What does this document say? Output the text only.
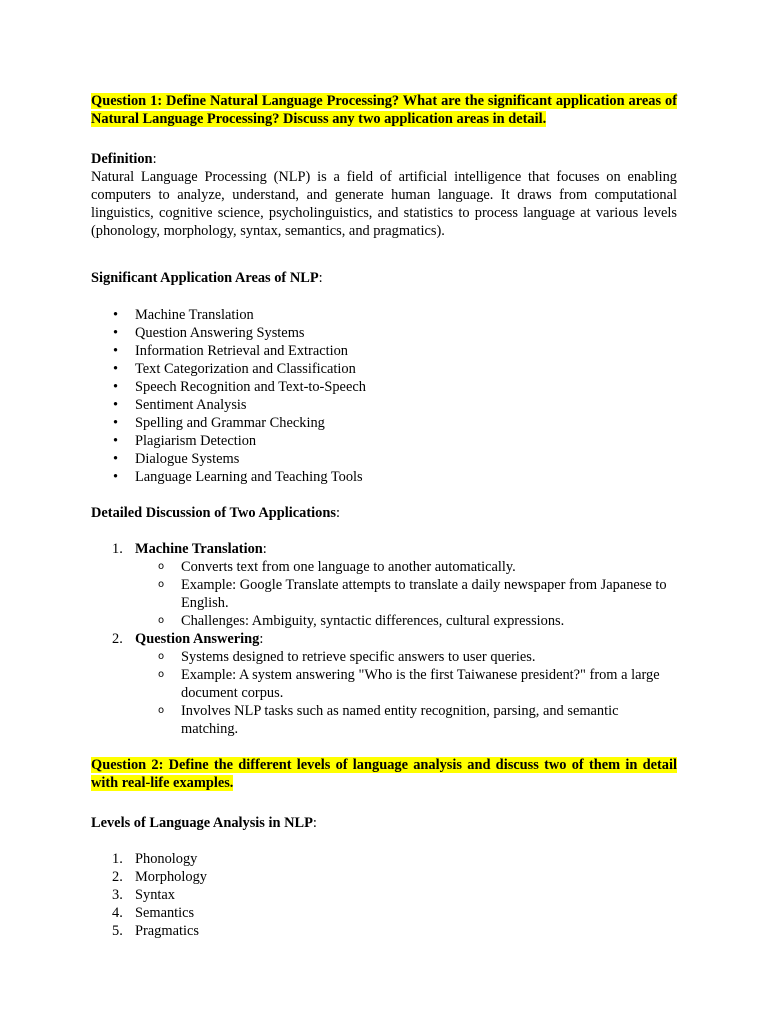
Question 1: Define Natural Language Processing? What are the significant application areas of Natural Language Processing? Discuss any two application areas in detail.

Definition:

Natural Language Processing (NLP) is a field of artificial intelligence that focuses on enabling computers to analyze, understand, and generate human language. It draws from computational linguistics, cognitive science, psycholinguistics, and statistics to process language at various levels (phonology, morphology, syntax, semantics, and pragmatics).

Significant Application Areas of NLP:

• Machine Translation
• Question Answering Systems
• Information Retrieval and Extraction
• Text Categorization and Classification
• Speech Recognition and Text-to-Speech
• Sentiment Analysis
• Spelling and Grammar Checking
• Plagiarism Detection
• Dialogue Systems
• Language Learning and Teaching Tools

Detailed Discussion of Two Applications:

1. Machine Translation:
o Converts text from one language to another automatically.
o Example: Google Translate attempts to translate a daily newspaper from Japanese to English.
o Challenges: Ambiguity, syntactic differences, cultural expressions.
2. Question Answering:
o Systems designed to retrieve specific answers to user queries.
o Example: A system answering "Who is the first Taiwanese president?" from a large document corpus.
o Involves NLP tasks such as named entity recognition, parsing, and semantic matching.

Question 2: Define the different levels of language analysis and discuss two of them in detail with real-life examples.

Levels of Language Analysis in NLP:

1. Phonology
2. Morphology
3. Syntax
4. Semantics
5. Pragmatics
